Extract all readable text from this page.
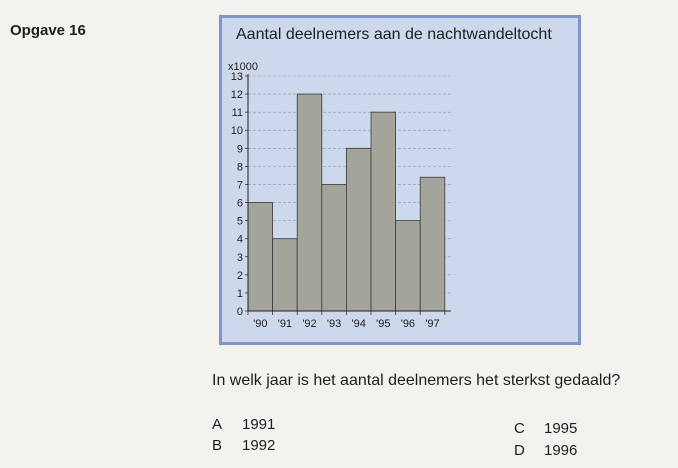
Opgave 16	Aantal deelnemers aan de nachtwandeltocht
x1000
0
1
2
3
4
5
6
7
8
9
10
11
12
13
'90 '91 '92 '93 '94 '95 '96 '97
In welk jaar is het aantal deelnemers het sterkst gedaald?
A 1991
B 1992
C 1995
D 1996
